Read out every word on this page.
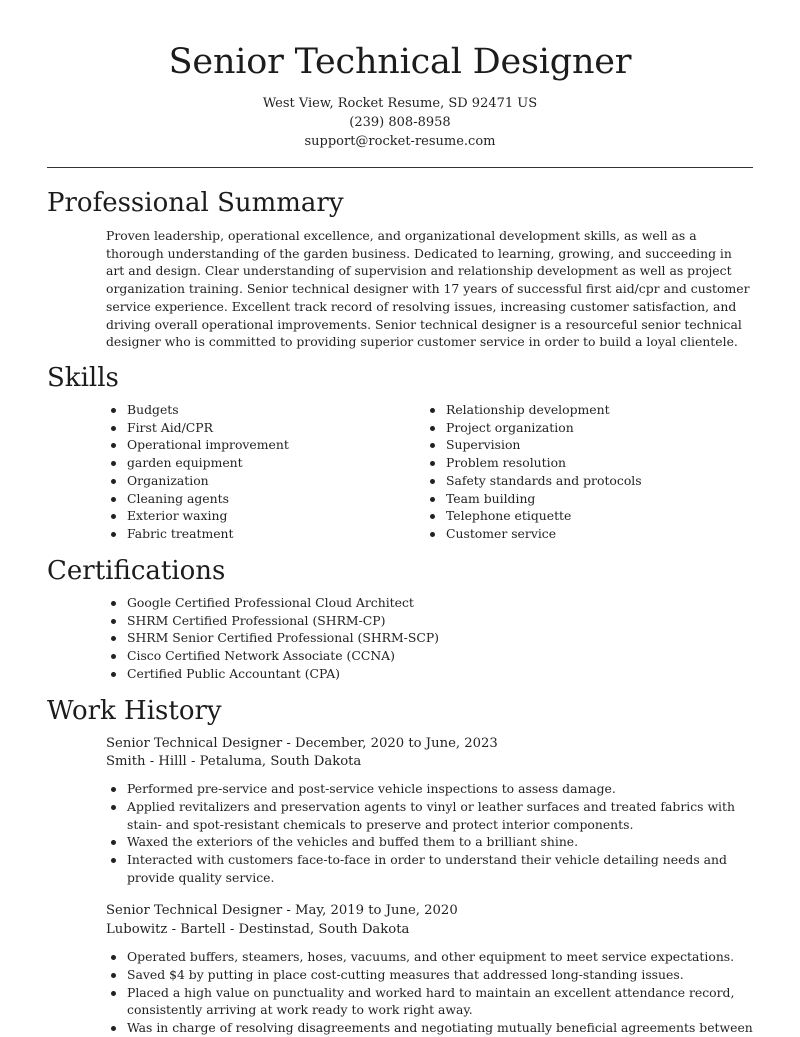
Senior Technical Designer
West View, Rocket Resume, SD 92471 US
(239) 808-8958
support@rocket-resume.com
Professional Summary

Proven leadership, operational excellence, and organizational development skills, as well as a thorough understanding of the garden business. Dedicated to learning, growing, and succeeding in art and design. Clear understanding of supervision and relationship development as well as project organization training. Senior technical designer with 17 years of successful first aid/cpr and customer service experience. Excellent track record of resolving issues, increasing customer satisfaction, and driving overall operational improvements. Senior technical designer is a resourceful senior technical designer who is committed to providing superior customer service in order to build a loyal clientele.

Skills
Budgets
First Aid/CPR
Operational improvement
garden equipment
Organization
Cleaning agents
Exterior waxing
Fabric treatment
Relationship development
Project organization
Supervision
Problem resolution
Safety standards and protocols
Team building
Telephone etiquette
Customer service
Certifications
Google Certified Professional Cloud Architect
SHRM Certified Professional (SHRM-CP)
SHRM Senior Certified Professional (SHRM-SCP)
Cisco Certified Network Associate (CCNA)
Certified Public Accountant (CPA)
Work History
Senior Technical Designer - December, 2020 to June, 2023
Smith - Hilll - Petaluma, South Dakota
Performed pre-service and post-service vehicle inspections to assess damage.
Applied revitalizers and preservation agents to vinyl or leather surfaces and treated fabrics with stain- and spot-resistant chemicals to preserve and protect interior components.
Waxed the exteriors of the vehicles and buffed them to a brilliant shine.
Interacted with customers face-to-face in order to understand their vehicle detailing needs and provide quality service.
Senior Technical Designer - May, 2019 to June, 2020
Lubowitz - Bartell - Destinstad, South Dakota
Operated buffers, steamers, hoses, vacuums, and other equipment to meet service expectations.
Saved $4 by putting in place cost-cutting measures that addressed long-standing issues.
Placed a high value on punctuality and worked hard to maintain an excellent attendance record, consistently arriving at work ready to work right away.
Was in charge of resolving disagreements and negotiating mutually beneficial agreements between
